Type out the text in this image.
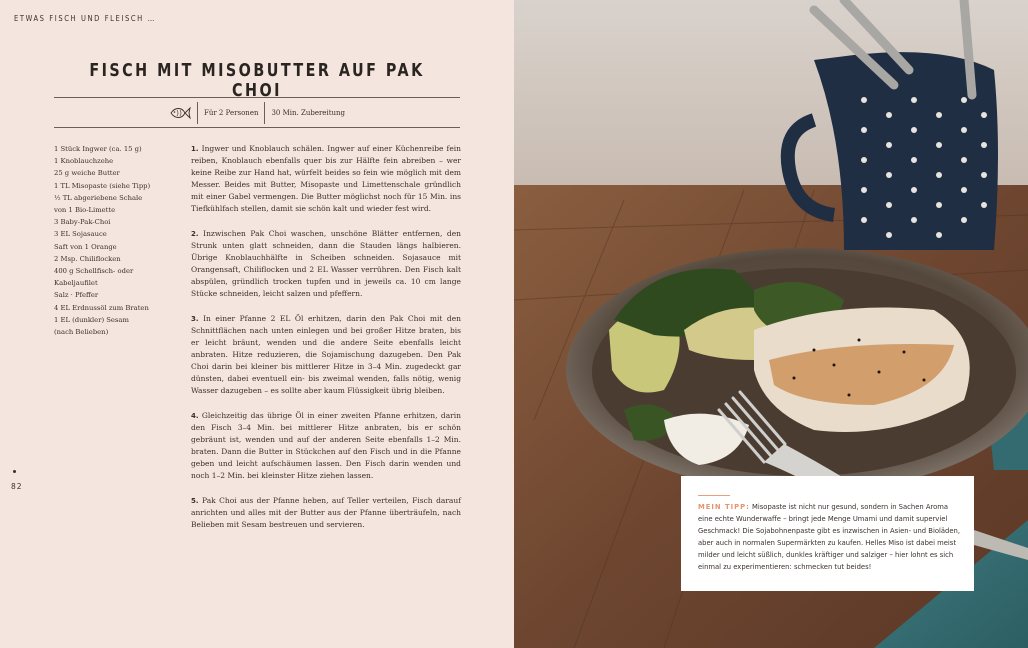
ETWAS FISCH UND FLEISCH …
FISCH MIT MISOBUTTER AUF PAK CHOI
Für 2 Personen	30 Min. Zubereitung
1 Stück Ingwer (ca. 15 g)
1 Knoblauchzehe
25 g weiche Butter
1 TL Misopaste (siehe Tipp)
½ TL abgeriebene Schale
von 1 Bio-Limette
3 Baby-Pak-Choi
3 EL Sojasauce
Saft von 1 Orange
2 Msp. Chiliflocken
400 g Schellfisch- oder
Kabeljaufilet
Salz · Pfeffer
4 EL Erdnussöl zum Braten
1 EL (dunkler) Sesam
(nach Belieben)

1. Ingwer und Knoblauch schälen. Ingwer auf einer Küchenreibe fein reiben, Knoblauch ebenfalls quer bis zur Hälfte fein abreiben – wer keine Reibe zur Hand hat, würfelt beides so fein wie möglich mit dem Messer. Beides mit Butter, Misopaste und Limettenschale gründlich mit einer Gabel vermengen. Die Butter möglichst noch für 15 Min. ins Tiefkühlfach stellen, damit sie schön kalt und wieder fest wird.

2. Inzwischen Pak Choi waschen, unschöne Blätter entfernen, den Strunk unten glatt schneiden, dann die Stauden längs halbieren. Übrige Knoblauchhälfte in Scheiben schneiden. Sojasauce mit Orangensaft, Chiliflocken und 2 EL Wasser verrühren. Den Fisch kalt abspülen, gründlich trocken tupfen und in jeweils ca. 10 cm lange Stücke schneiden, leicht salzen und pfeffern.

3. In einer Pfanne 2 EL Öl erhitzen, darin den Pak Choi mit den Schnittflächen nach unten einlegen und bei großer Hitze braten, bis er leicht bräunt, wenden und die andere Seite ebenfalls leicht anbraten. Hitze reduzieren, die Sojamischung dazugeben. Den Pak Choi darin bei kleiner bis mittlerer Hitze in 3–4 Min. zugedeckt gar dünsten, dabei eventuell ein- bis zweimal wenden, falls nötig, wenig Wasser dazugeben – es sollte aber kaum Flüssigkeit übrig bleiben.

4. Gleichzeitig das übrige Öl in einer zweiten Pfanne erhitzen, darin den Fisch 3–4 Min. bei mittlerer Hitze anbraten, bis er schön gebräunt ist, wenden und auf der anderen Seite ebenfalls 1–2 Min. braten. Dann die Butter in Stückchen auf den Fisch und in die Pfanne geben und leicht aufschäumen lassen. Den Fisch darin wenden und noch 1–2 Min. bei kleinster Hitze ziehen lassen.

5. Pak Choi aus der Pfanne heben, auf Teller verteilen, Fisch darauf anrichten und alles mit der Butter aus der Pfanne überträufeln, nach Belieben mit Sesam bestreuen und servieren.

82
MEIN TIPP: Misopaste ist nicht nur gesund, sondern in Sachen Aroma eine echte Wunderwaffe – bringt jede Menge Umami und damit superviel Geschmack! Die Sojabohnenpaste gibt es inzwischen in Asien- und Bioläden, aber auch in normalen Supermärkten zu kaufen. Helles Miso ist dabei meist milder und leicht süßlich, dunkles kräftiger und salziger – hier lohnt es sich einmal zu experimentieren: schmecken tut beides!
